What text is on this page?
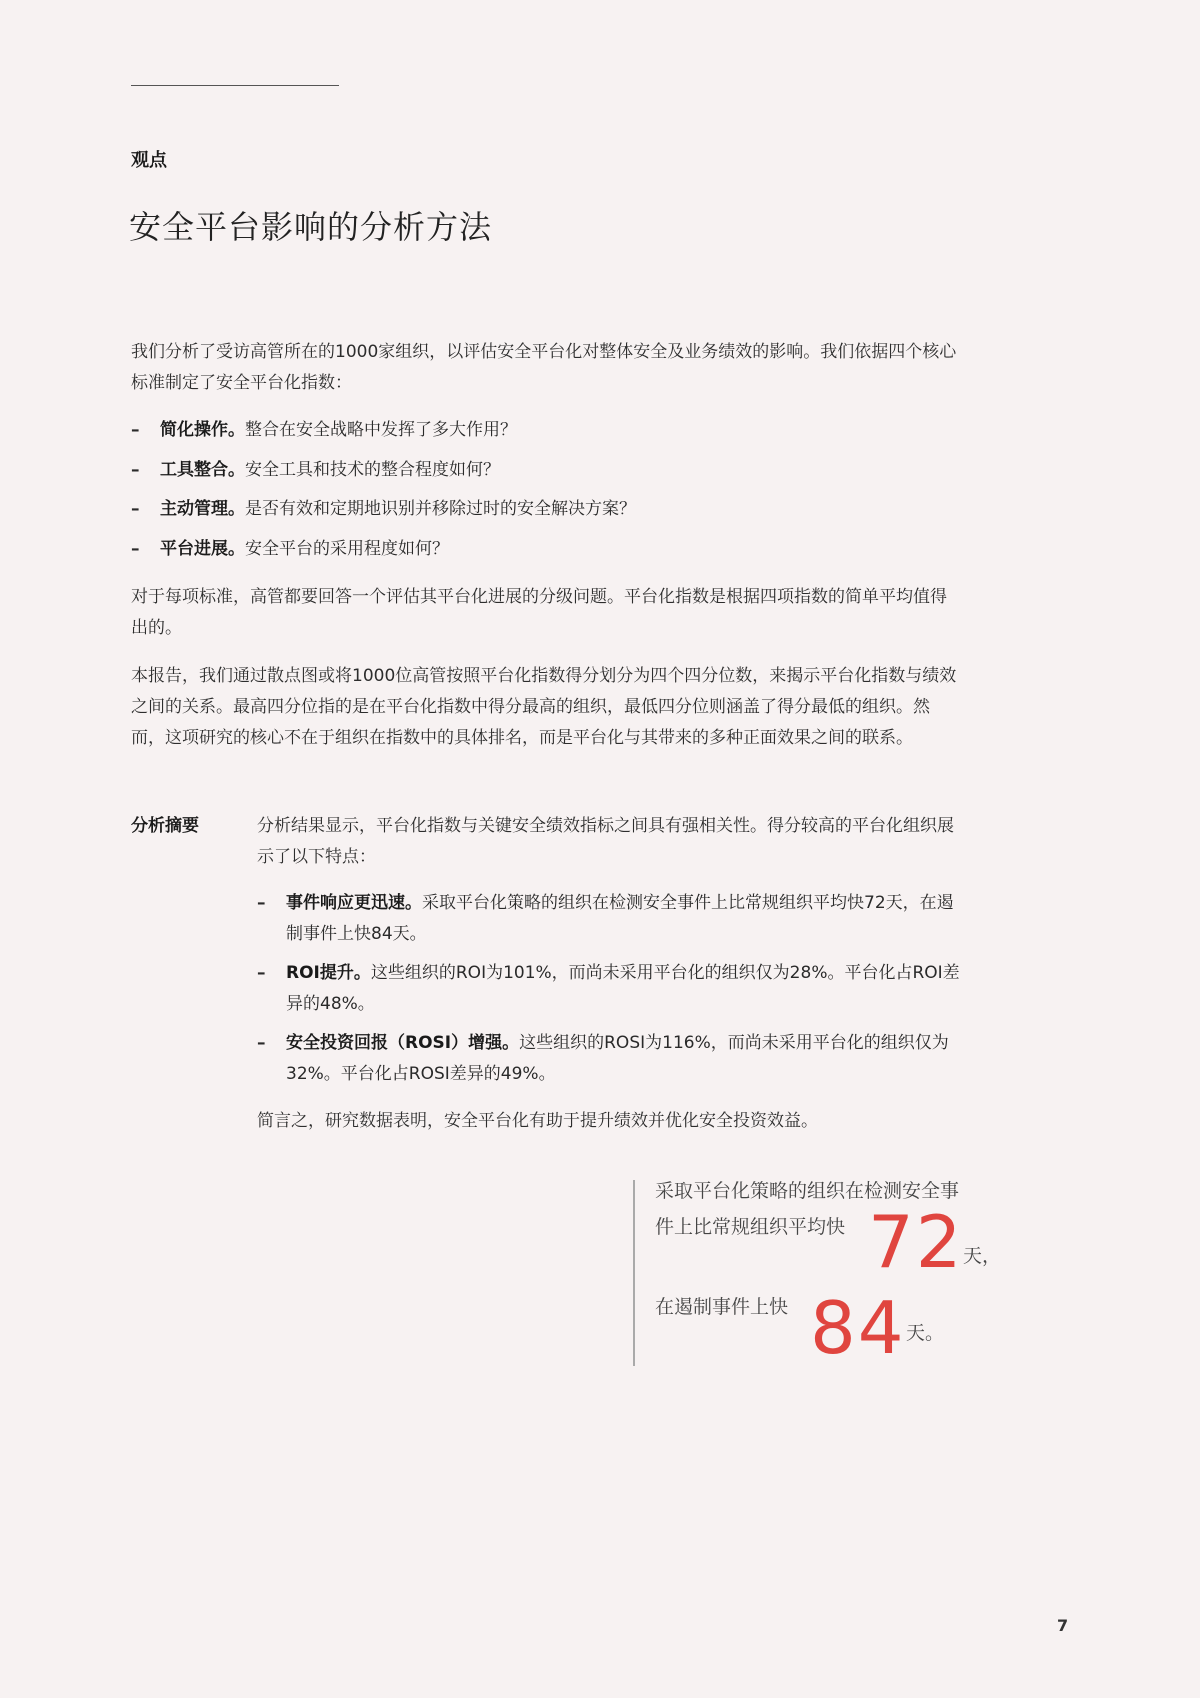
观点
安全平台影响的分析方法

我们分析了受访高管所在的1000家组织，以评估安全平台化对整体安全及业务绩效的影响。我们依据四个核心标准制定了安全平台化指数：

– 简化操作。整合在安全战略中发挥了多大作用？
– 工具整合。安全工具和技术的整合程度如何？
– 主动管理。是否有效和定期地识别并移除过时的安全解决方案？
– 平台进展。安全平台的采用程度如何？

对于每项标准，高管都要回答一个评估其平台化进展的分级问题。平台化指数是根据四项指数的简单平均值得出的。

本报告，我们通过散点图或将1000位高管按照平台化指数得分划分为四个四分位数，来揭示平台化指数与绩效之间的关系。最高四分位指的是在平台化指数中得分最高的组织，最低四分位则涵盖了得分最低的组织。然而，这项研究的核心不在于组织在指数中的具体排名，而是平台化与其带来的多种正面效果之间的联系。

分析摘要	分析结果显示，平台化指数与关键安全绩效指标之间具有强相关性。得分较高的平台化组织展示了以下特点：

– 事件响应更迅速。采取平台化策略的组织在检测安全事件上比常规组织平均快72天，在遏制事件上快84天。
– ROI提升。这些组织的ROI为101%，而尚未采用平台化的组织仅为28%。平台化占ROI差异的48%。
– 安全投资回报（ROSI）增强。这些组织的ROSI为116%，而尚未采用平台化的组织仅为32%。平台化占ROSI差异的49%。

简言之，研究数据表明，安全平台化有助于提升绩效并优化安全投资效益。

采取平台化策略的组织在检测安全事
件上比常规组织平均快 72 天，
在遏制事件上快 84 天。
7
